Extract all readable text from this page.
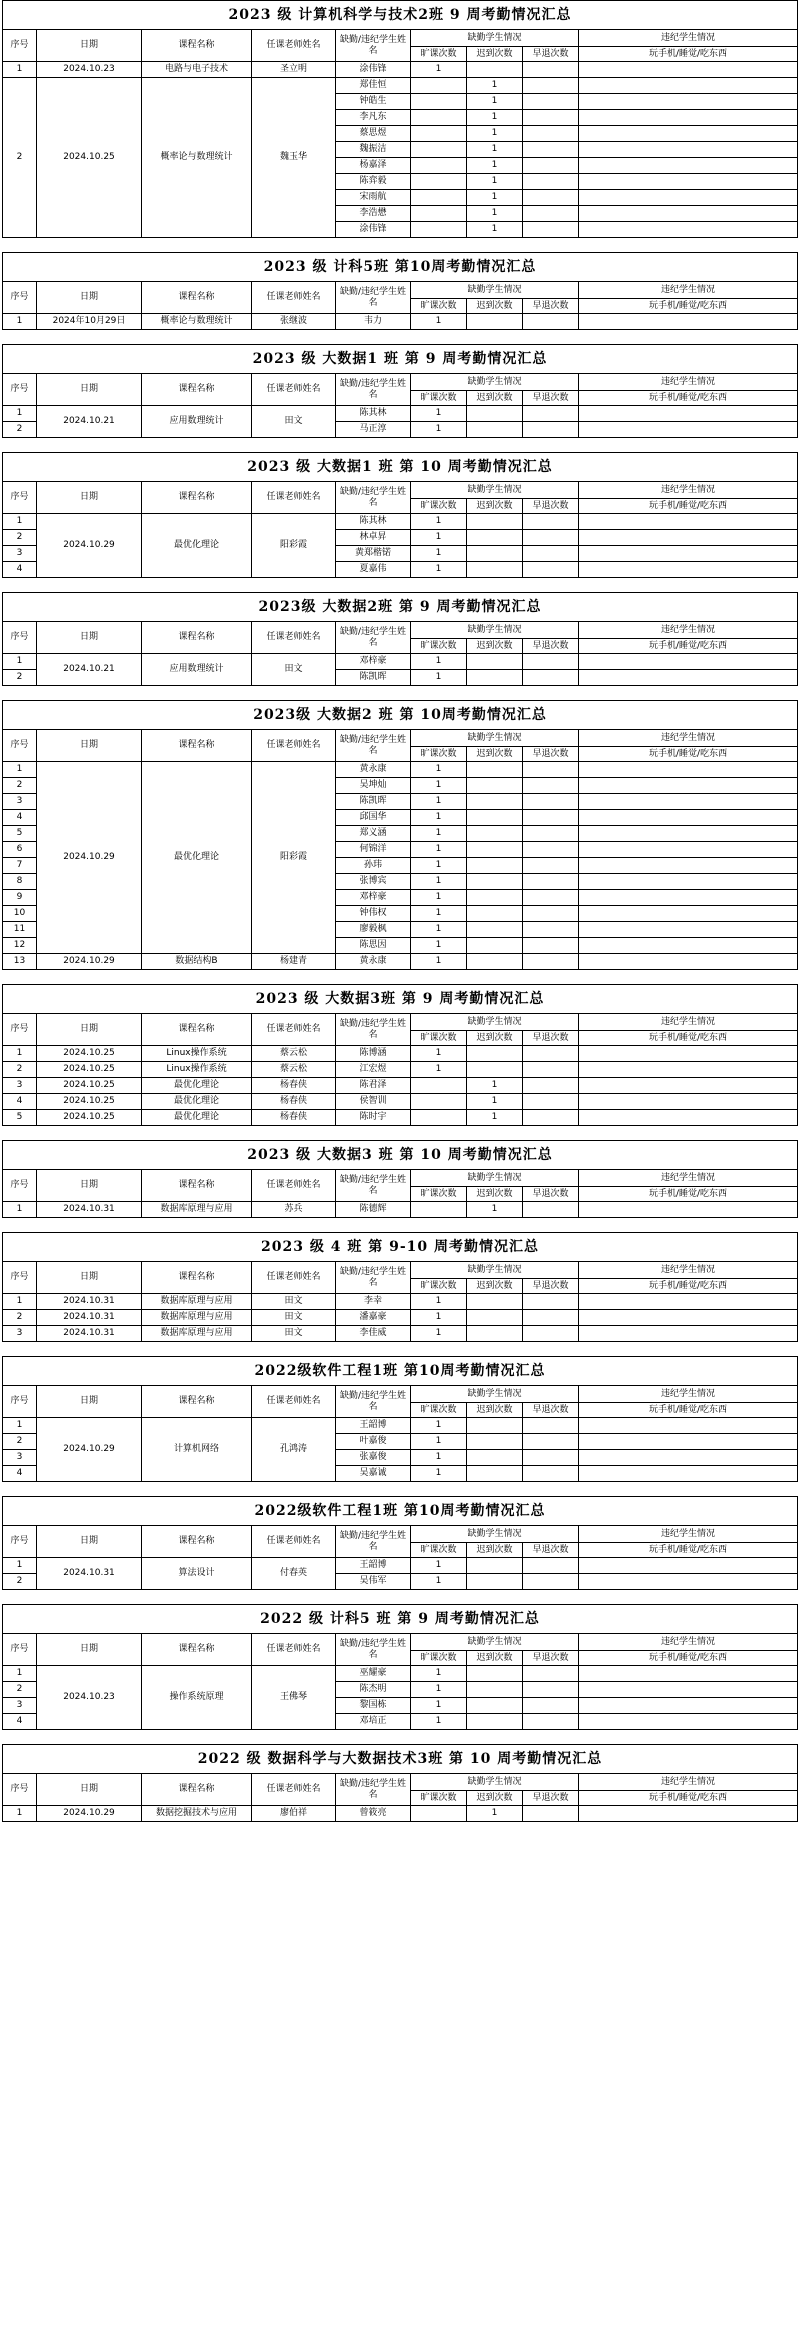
2023 级 计算机科学与技术2班 9 周考勤情况汇总								
序号	日期	课程名称	任课老师姓名	缺勤/违纪学生姓名	缺勤学生情况			违纪学生情况
					旷课次数	迟到次数	早退次数	玩手机/睡觉/吃东西
1	2024.10.23	电路与电子技术	圣立明	涂伟锋	1			
2	2024.10.25	概率论与数理统计	魏玉华	郑佳恒		1		
				钟皓生		1		
				李凡东		1		
				蔡思煜		1		
				魏振洁		1		
				杨嘉泽		1		
				陈弈毅		1		
				宋雨航		1		
				李浩懋		1		
				涂伟锋		1		
2023 级 计科5班 第10周考勤情况汇总								
序号	日期	课程名称	任课老师姓名	缺勤/违纪学生姓名	缺勤学生情况			违纪学生情况
					旷课次数	迟到次数	早退次数	玩手机/睡觉/吃东西
1	2024年10月29日	概率论与数理统计	张继波	韦力	1			
2023 级 大数据1 班 第 9 周考勤情况汇总								
序号	日期	课程名称	任课老师姓名	缺勤/违纪学生姓名	缺勤学生情况			违纪学生情况
					旷课次数	迟到次数	早退次数	玩手机/睡觉/吃东西
1	2024.10.21	应用数理统计	田文	陈其林	1			
2				马正淳	1			
2023 级 大数据1 班 第 10 周考勤情况汇总								
序号	日期	课程名称	任课老师姓名	缺勤/违纪学生姓名	缺勤学生情况			违纪学生情况
					旷课次数	迟到次数	早退次数	玩手机/睡觉/吃东西
1	2024.10.29	最优化理论	阳彩霞	陈其林	1			
2				林卓昇	1			
3				黄郑楷锘	1			
4				夏嘉伟	1			
2023级 大数据2班 第 9 周考勤情况汇总								
序号	日期	课程名称	任课老师姓名	缺勤/违纪学生姓名	缺勤学生情况			违纪学生情况
					旷课次数	迟到次数	早退次数	玩手机/睡觉/吃东西
1	2024.10.21	应用数理统计	田文	邓梓豪	1			
2				陈凯晖	1			
2023级 大数据2 班 第 10周考勤情况汇总								
序号	日期	课程名称	任课老师姓名	缺勤/违纪学生姓名	缺勤学生情况			违纪学生情况
					旷课次数	迟到次数	早退次数	玩手机/睡觉/吃东西
1	2024.10.29	最优化理论	阳彩霞	黄永康	1			
2				吴坤灿	1			
3				陈凯晖	1			
4				邱国华	1			
5				郑义涵	1			
6				何锦洋	1			
7				孙玮	1			
8				张博宾	1			
9				邓梓豪	1			
10				钟伟权	1			
11				廖毅枫	1			
12				陈思因	1			
13	2024.10.29	数据结构B	杨建青	黄永康	1			
2023 级 大数据3班 第 9 周考勤情况汇总								
序号	日期	课程名称	任课老师姓名	缺勤/违纪学生姓名	缺勤学生情况			违纪学生情况
					旷课次数	迟到次数	早退次数	玩手机/睡觉/吃东西
1	2024.10.25	Linux操作系统	蔡云松	陈博涵	1			
2	2024.10.25	Linux操作系统	蔡云松	江宏煜	1			
3	2024.10.25	最优化理论	杨春侠	陈君泽		1		
4	2024.10.25	最优化理论	杨春侠	侯智训		1		
5	2024.10.25	最优化理论	杨春侠	陈时宇		1		
2023 级 大数据3 班 第 10 周考勤情况汇总								
序号	日期	课程名称	任课老师姓名	缺勤/违纪学生姓名	缺勤学生情况			违纪学生情况
					旷课次数	迟到次数	早退次数	玩手机/睡觉/吃东西
1	2024.10.31	数据库原理与应用	苏兵	陈德辉		1		
2023 级 4 班 第 9-10 周考勤情况汇总								
序号	日期	课程名称	任课老师姓名	缺勤/违纪学生姓名	缺勤学生情况			违纪学生情况
					旷课次数	迟到次数	早退次数	玩手机/睡觉/吃东西
1	2024.10.31	数据库原理与应用	田文	李幸	1			
2	2024.10.31	数据库原理与应用	田文	潘嘉豪	1			
3	2024.10.31	数据库原理与应用	田文	李佳威	1			
2022级软件工程1班 第10周考勤情况汇总								
序号	日期	课程名称	任课老师姓名	缺勤/违纪学生姓名	缺勤学生情况			违纪学生情况
					旷课次数	迟到次数	早退次数	玩手机/睡觉/吃东西
1	2024.10.29	计算机网络	孔鸿涛	王韶博	1			
2				叶嘉俊	1			
3				张嘉俊	1			
4				吴嘉诚	1			
2022级软件工程1班 第10周考勤情况汇总								
序号	日期	课程名称	任课老师姓名	缺勤/违纪学生姓名	缺勤学生情况			违纪学生情况
					旷课次数	迟到次数	早退次数	玩手机/睡觉/吃东西
1	2024.10.31	算法设计	付春英	王韶博	1			
2				吴伟军	1			
2022 级 计科5 班 第 9 周考勤情况汇总								
序号	日期	课程名称	任课老师姓名	缺勤/违纪学生姓名	缺勤学生情况			违纪学生情况
					旷课次数	迟到次数	早退次数	玩手机/睡觉/吃东西
1	2024.10.23	操作系统原理	王佛琴	巫耀豪	1			
2				陈杰明	1			
3				黎国栋	1			
4				邓培正	1			
2022 级 数据科学与大数据技术3班 第 10 周考勤情况汇总								
序号	日期	课程名称	任课老师姓名	缺勤/违纪学生姓名	缺勤学生情况			违纪学生情况
					旷课次数	迟到次数	早退次数	玩手机/睡觉/吃东西
1	2024.10.29	数据挖掘技术与应用	廖伯祥	曾筱亮		1		
